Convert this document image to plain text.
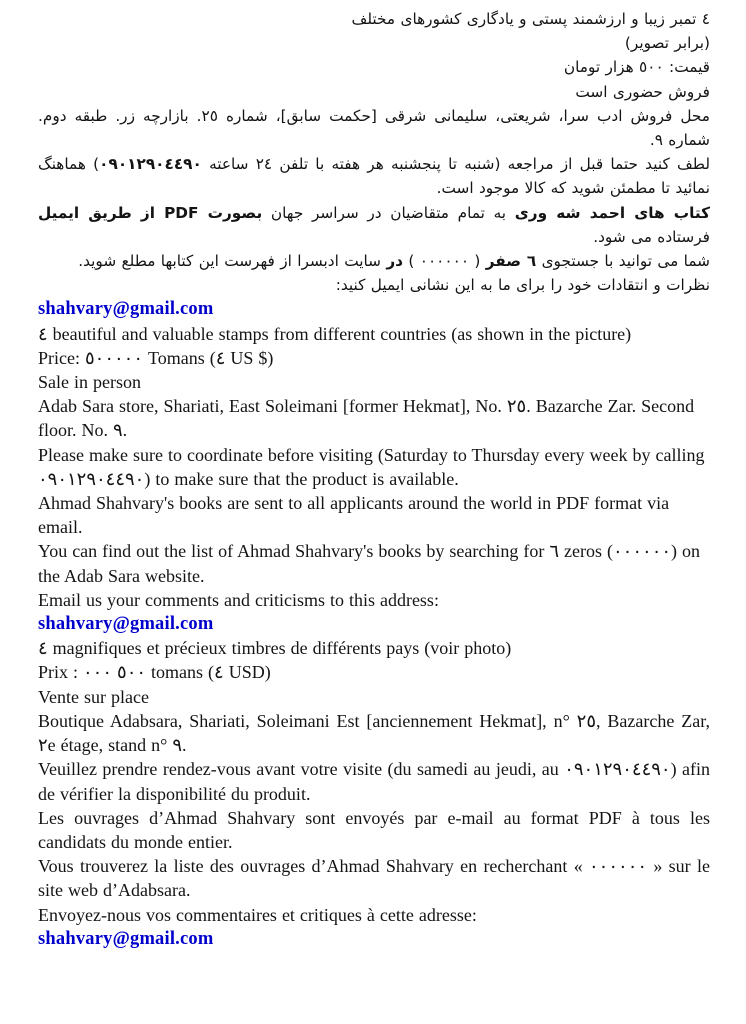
٤ تمبر زیبا و ارزشمند پستی و یادگاری کشورهای مختلف

(برابر تصویر)

قیمت: ٥٠٠ هزار تومان

فروش حضوری است

محل فروش ادب سرا، شریعتی، سلیمانی شرقی [حکمت سابق]، شماره ٢٥. بازارچه زر. طبقه دوم. شماره ٩.

لطف کنید حتما قبل از مراجعه (شنبه تا پنجشنبه هر هفته با تلفن ٢٤ ساعته ٠٩٠١٢٩٠٤٤٩٠) هماهنگ نمائید تا مطمئن شوید که کالا موجود است.

کتاب های احمد شه وری به تمام متقاضیان در سراسر جهان بصورت PDF از طریق ایمیل فرستاده می شود.

شما می توانید با جستجوی ٦ صفر ( ٠٠٠٠٠٠ ) در سایت ادبسرا از فهرست این کتابها مطلع شوید.

نظرات و انتقادات خود را برای ما به این نشانی ایمیل کنید:

shahvary@gmail.com

٤ beautiful and valuable stamps from different countries (as shown in the picture)

Price: ٥٠٠٠٠٠ Tomans (٤ US $)

Sale in person

Adab Sara store, Shariati, East Soleimani [former Hekmat], No. ٢٥. Bazarche Zar. Second floor. No. ٩.

Please make sure to coordinate before visiting (Saturday to Thursday every week by calling ٠٩٠١٢٩٠٤٤٩٠) to make sure that the product is available.

Ahmad Shahvary's books are sent to all applicants around the world in PDF format via email.

You can find out the list of Ahmad Shahvary's books by searching for ٦ zeros (٠٠٠٠٠٠) on the Adab Sara website.

Email us your comments and criticisms to this address:

shahvary@gmail.com

٤ magnifiques et précieux timbres de différents pays (voir photo)

Prix : ٥٠٠ ٠٠٠ tomans (٤ USD)

Vente sur place

Boutique Adabsara, Shariati, Soleimani Est [anciennement Hekmat], n° ٢٥, Bazarche Zar, ٢e étage, stand n° ٩.

Veuillez prendre rendez-vous avant votre visite (du samedi au jeudi, au ٠٩٠١٢٩٠٤٤٩٠) afin de vérifier la disponibilité du produit.

Les ouvrages d’Ahmad Shahvary sont envoyés par e-mail au format PDF à tous les candidats du monde entier.

Vous trouverez la liste des ouvrages d’Ahmad Shahvary en recherchant « ٠٠٠٠٠٠ » sur le site web d’Adabsara.

Envoyez-nous vos commentaires et critiques à cette adresse:

shahvary@gmail.com
